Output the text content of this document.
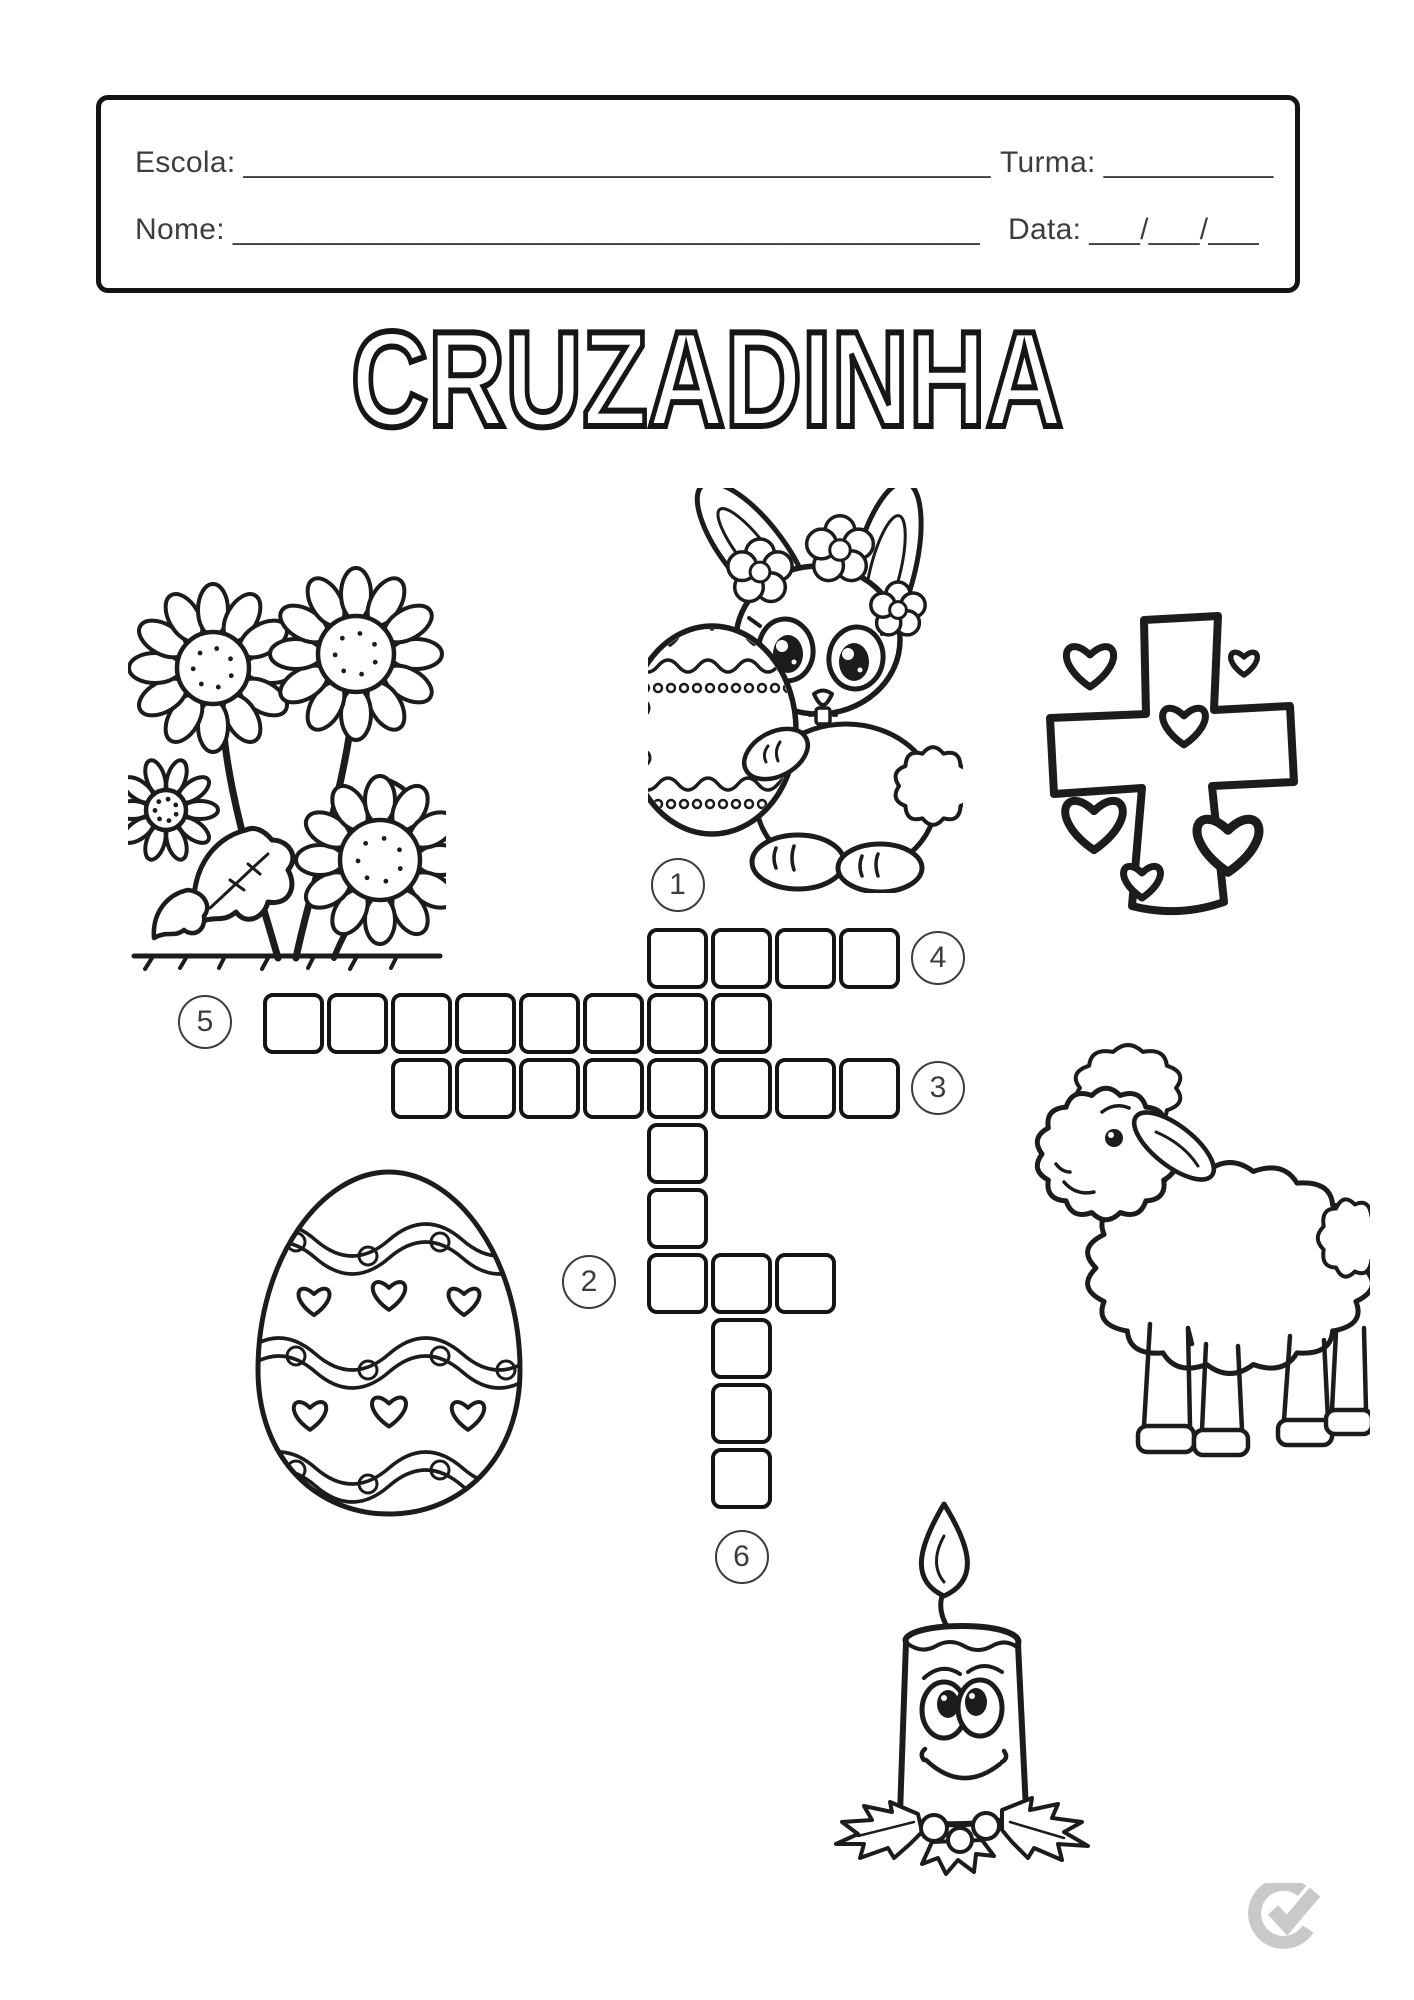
Escola: ____________________________________________ Turma: __________
Nome: ____________________________________________ Data: ___/___/___
CRUZADINHA
1
4
5
3
2
6
